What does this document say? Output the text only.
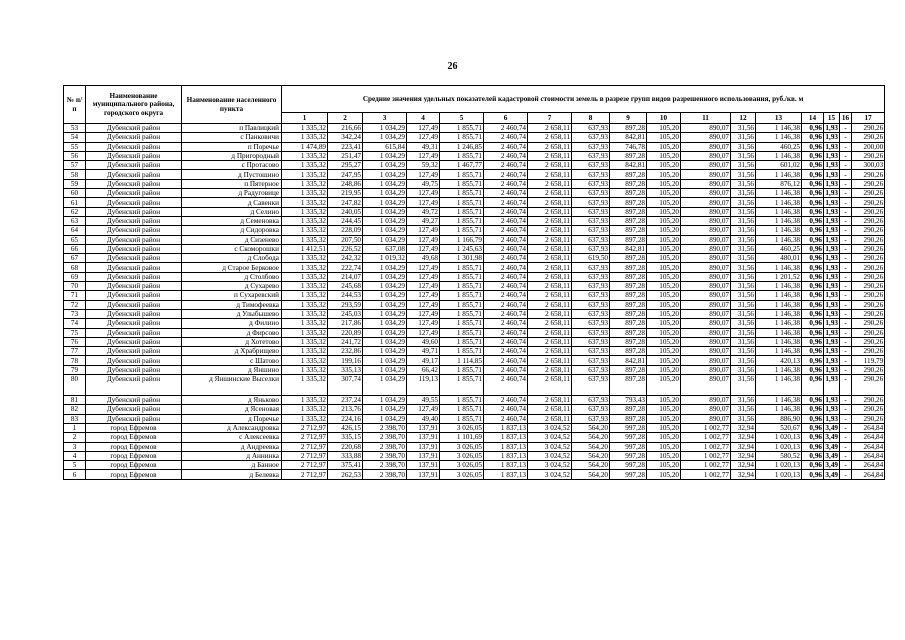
26
№ п/п	Наименование муниципального района, городского округа	Наименование населенного пункта	Средние значения удельных показателей кадастровой стоимости земель в разрезе групп видов разрешенного использования, руб./кв. м																
			1	2	3	4	5	6	7	8	9	10	11	12	13	14	15	16	17
53	Дубенский район	п Павлицкий	1 335,32	216,66	1 034,29	127,49	1 855,71	2 460,74	2 658,11	637,93	897,28	105,20	890,07	31,56	1 146,38	0,96	1,93	-	290,26
54	Дубенский район	с Панковичи	1 335,32	342,24	1 034,29	127,49	1 855,71	2 460,74	2 658,11	637,93	842,81	105,20	890,07	31,56	1 146,38	0,96	1,93	-	290,26
55	Дубенский район	п Поречье	1 474,89	223,41	615,84	49,31	1 246,85	2 460,74	2 658,11	637,93	746,78	105,20	890,07	31,56	460,25	0,96	1,93	-	200,00
56	Дубенский район	д Пригородный	1 335,32	251,47	1 034,29	127,49	1 855,71	2 460,74	2 658,11	637,93	897,28	105,20	890,07	31,56	1 146,38	0,96	1,93	-	290,26
57	Дубенский район	с Протасово	1 335,32	295,27	1 034,29	59,32	1 467,77	2 460,74	2 658,11	637,93	842,81	105,20	890,07	31,56	601,02	0,96	1,93	-	300,03
58	Дубенский район	д Пустошино	1 335,32	247,95	1 034,29	127,49	1 855,71	2 460,74	2 658,11	637,93	897,28	105,20	890,07	31,56	1 146,38	0,96	1,93	-	290,26
59	Дубенский район	п Пятерное	1 335,32	248,86	1 034,29	49,75	1 855,71	2 460,74	2 658,11	637,93	897,28	105,20	890,07	31,56	876,12	0,96	1,93	-	290,26
60	Дубенский район	д Радуговице	1 335,32	219,95	1 034,29	127,49	1 855,71	2 460,74	2 658,11	637,93	897,28	105,20	890,07	31,56	1 146,38	0,96	1,93	-	290,26
61	Дубенский район	д Савенки	1 335,32	247,82	1 034,29	127,49	1 855,71	2 460,74	2 658,11	637,93	897,28	105,20	890,07	31,56	1 146,38	0,96	1,93	-	290,26
62	Дубенский район	д Селино	1 335,32	240,05	1 034,29	49,72	1 855,71	2 460,74	2 658,11	637,93	897,28	105,20	890,07	31,56	1 146,38	0,96	1,93	-	290,26
63	Дубенский район	д Семеновка	1 335,32	244,45	1 034,29	49,27	1 855,71	2 460,74	2 658,11	637,93	897,28	105,20	890,07	31,56	1 146,38	0,96	1,93	-	290,26
64	Дубенский район	д Сидоровка	1 335,32	228,09	1 034,29	127,49	1 855,71	2 460,74	2 658,11	637,93	897,28	105,20	890,07	31,56	1 146,38	0,96	1,93	-	290,26
65	Дубенский район	д Сизенево	1 335,32	207,50	1 034,29	127,49	1 166,79	2 460,74	2 658,11	637,93	897,28	105,20	890,07	31,56	1 146,38	0,96	1,93	-	290,26
66	Дубенский район	с Скоморошки	1 412,51	226,52	637,08	127,49	1 245,63	2 460,74	2 658,11	637,93	842,81	105,20	890,07	31,56	460,25	0,96	1,93	-	290,26
67	Дубенский район	д Слобода	1 335,32	242,32	1 019,32	49,68	1 301,98	2 460,74	2 658,11	619,50	897,28	105,20	890,07	31,56	480,01	0,96	1,93	-	290,26
68	Дубенский район	д Старое Берковое	1 335,32	222,74	1 034,29	127,49	1 855,71	2 460,74	2 658,11	637,93	897,28	105,20	890,07	31,56	1 146,38	0,96	1,93	-	290,26
69	Дубенский район	д Столбово	1 335,32	214,07	1 034,29	127,49	1 855,71	2 460,74	2 658,11	637,93	897,28	105,20	890,07	31,56	1 201,52	0,96	1,93	-	290,26
70	Дубенский район	д Сухарево	1 335,32	245,68	1 034,29	127,49	1 855,71	2 460,74	2 658,11	637,93	897,28	105,20	890,07	31,56	1 146,38	0,96	1,93	-	290,26
71	Дубенский район	п Сухаревский	1 335,32	244,53	1 034,29	127,49	1 855,71	2 460,74	2 658,11	637,93	897,28	105,20	890,07	31,56	1 146,38	0,96	1,93	-	290,26
72	Дубенский район	д Тимофеевка	1 335,32	293,59	1 034,29	127,49	1 855,71	2 460,74	2 658,11	637,93	897,28	105,20	890,07	31,56	1 146,38	0,96	1,93	-	290,26
73	Дубенский район	д Улыбышево	1 335,32	245,03	1 034,29	127,49	1 855,71	2 460,74	2 658,11	637,93	897,28	105,20	890,07	31,56	1 146,38	0,96	1,93	-	290,26
74	Дубенский район	д Филино	1 335,32	217,86	1 034,29	127,49	1 855,71	2 460,74	2 658,11	637,93	897,28	105,20	890,07	31,56	1 146,38	0,96	1,93	-	290,26
75	Дубенский район	д Фирсово	1 335,32	220,89	1 034,29	127,49	1 855,71	2 460,74	2 658,11	637,93	897,28	105,20	890,07	31,56	1 146,38	0,96	1,93	-	290,26
76	Дубенский район	д Хотетово	1 335,32	241,72	1 034,29	49,60	1 855,71	2 460,74	2 658,11	637,93	897,28	105,20	890,07	31,56	1 146,38	0,96	1,93	-	290,26
77	Дубенский район	д Храбрищево	1 335,32	232,86	1 034,29	49,71	1 855,71	2 460,74	2 658,11	637,93	897,28	105,20	890,07	31,56	1 146,38	0,96	1,93	-	290,26
78	Дубенский район	с Шатово	1 335,32	199,16	1 034,29	49,17	1 114,85	2 460,74	2 658,11	637,93	842,81	105,20	890,07	31,56	420,13	0,96	1,93	-	119,79
79	Дубенский район	д Яншино	1 335,32	335,13	1 034,29	66,42	1 855,71	2 460,74	2 658,11	637,93	897,28	105,20	890,07	31,56	1 146,38	0,96	1,93	-	290,26
80	Дубенский район	д Яншинские Выселки	1 335,32	307,74	1 034,29	119,13	1 855,71	2 460,74	2 658,11	637,93	897,28	105,20	890,07	31,56	1 146,38	0,96	1,93	-	290,26
81	Дубенский район	д Яньково	1 335,32	237,24	1 034,29	49,55	1 855,71	2 460,74	2 658,11	637,93	793,43	105,20	890,07	31,56	1 146,38	0,96	1,93	-	290,26
82	Дубенский район	д Ясеновая	1 335,32	213,76	1 034,29	127,49	1 855,71	2 460,74	2 658,11	637,93	897,28	105,20	890,07	31,56	1 146,38	0,96	1,93	-	290,26
83	Дубенский район	д Поречье	1 335,32	224,16	1 034,29	49,40	1 855,71	2 460,74	2 658,11	637,93	897,28	105,20	890,07	31,56	886,90	0,96	1,93	-	290,26
1	город Ефремов	д Александровка	2 712,97	426,15	2 398,70	137,91	3 026,05	1 837,13	3 024,52	564,20	997,28	105,20	1 002,77	32,94	520,67	0,96	3,49	-	264,84
2	город Ефремов	с Алексеевка	2 712,97	335,15	2 398,70	137,91	1 101,69	1 837,13	3 024,52	564,20	997,28	105,20	1 002,77	32,94	1 020,13	0,96	3,49	-	264,84
3	город Ефремов	д Андреевка	2 712,97	220,68	2 398,70	137,91	3 026,05	1 837,13	3 024,52	564,20	997,28	105,20	1 002,77	32,94	1 020,13	0,96	3,49	-	264,84
4	город Ефремов	д Аннинка	2 712,97	333,88	2 398,70	137,91	3 026,05	1 837,13	3 024,52	564,20	997,28	105,20	1 002,77	32,94	580,52	0,96	3,49	-	264,84
5	город Ефремов	д Банное	2 712,97	375,41	2 398,70	137,91	3 026,05	1 837,13	3 024,52	564,20	997,28	105,20	1 002,77	32,94	1 020,13	0,96	3,49	-	264,84
6	город Ефремов	д Белевка	2 712,97	262,53	2 398,70	137,91	3 026,05	1 837,13	3 024,52	564,20	997,28	105,20	1 002,77	32,94	1 020,13	0,96	3,49	-	264,84
